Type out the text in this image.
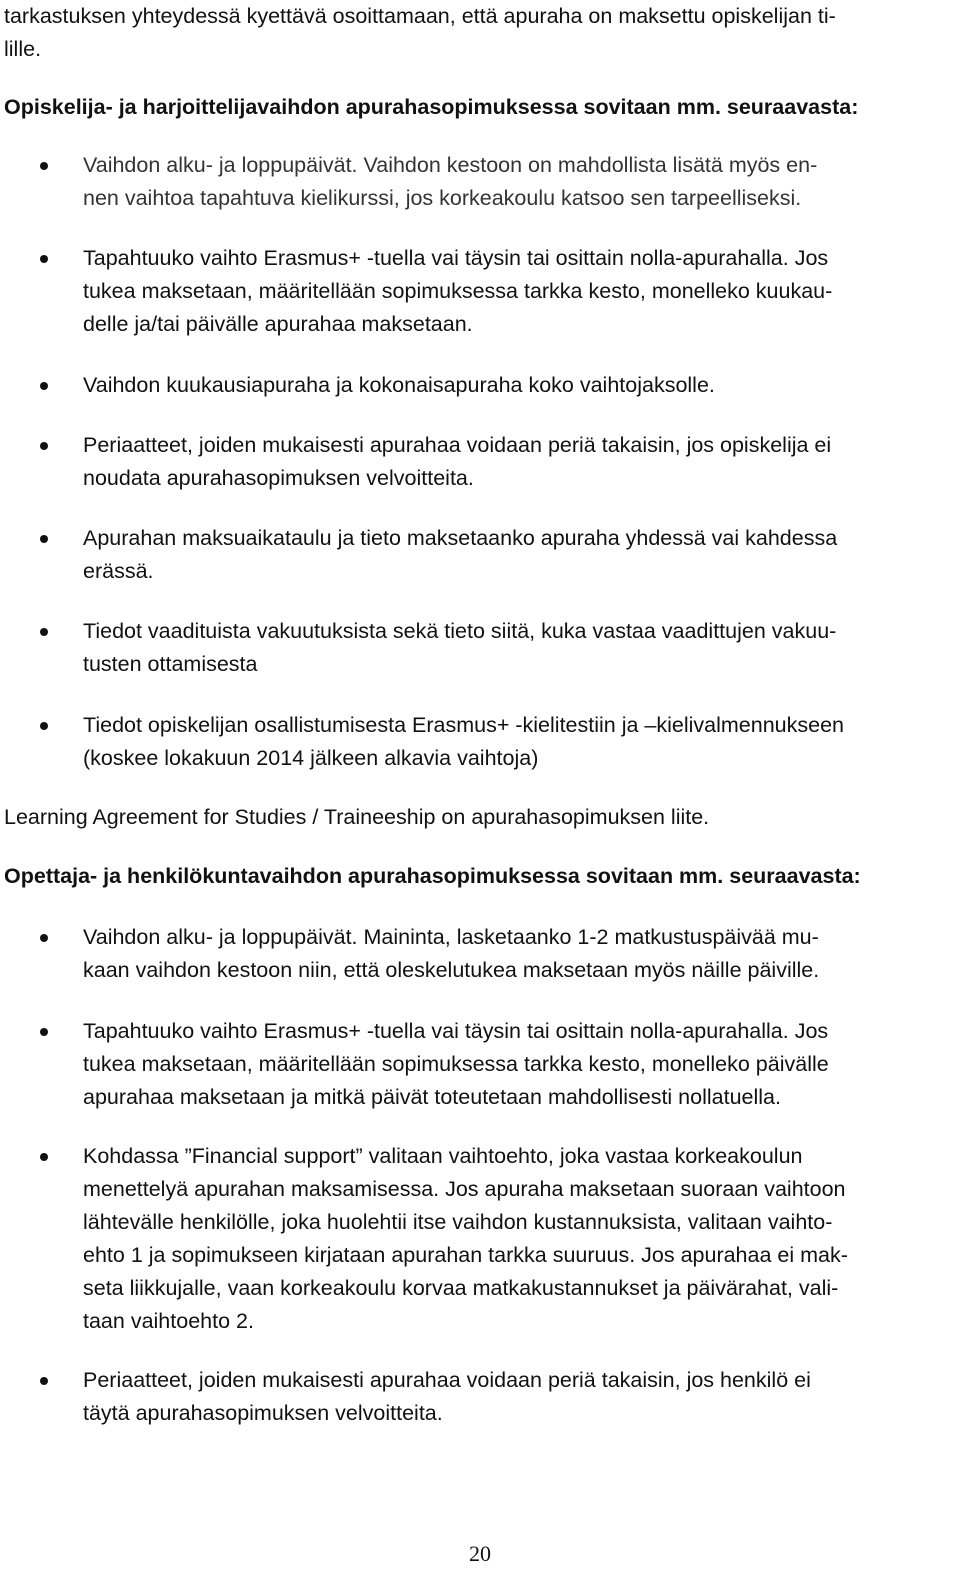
tarkastuksen yhteydessä kyettävä osoittamaan, että apuraha on maksettu opiskelijan ti-
lille.

Opiskelija- ja harjoittelijavaihdon apurahasopimuksessa sovitaan mm. seuraavasta:

Vaihdon alku- ja loppupäivät. Vaihdon kestoon on mahdollista lisätä myös en-
nen vaihtoa tapahtuva kielikurssi, jos korkeakoulu katsoo sen tarpeelliseksi.

Tapahtuuko vaihto Erasmus+ -tuella vai täysin tai osittain nolla-apurahalla. Jos
tukea maksetaan, määritellään sopimuksessa tarkka kesto, monelleko kuukau-
delle ja/tai päivälle apurahaa maksetaan.

Vaihdon kuukausiapuraha ja kokonaisapuraha koko vaihtojaksolle.

Periaatteet, joiden mukaisesti apurahaa voidaan periä takaisin, jos opiskelija ei
noudata apurahasopimuksen velvoitteita.

Apurahan maksuaikataulu ja tieto maksetaanko apuraha yhdessä vai kahdessa
erässä.

Tiedot vaadituista vakuutuksista sekä tieto siitä, kuka vastaa vaadittujen vakuu-
tusten ottamisesta

Tiedot opiskelijan osallistumisesta Erasmus+ -kielitestiin ja –kielivalmennukseen
(koskee lokakuun 2014 jälkeen alkavia vaihtoja)

Learning Agreement for Studies / Traineeship on apurahasopimuksen liite.

Opettaja- ja henkilökuntavaihdon apurahasopimuksessa sovitaan mm. seuraavasta:

Vaihdon alku- ja loppupäivät. Maininta, lasketaanko 1-2 matkustuspäivää mu-
kaan vaihdon kestoon niin, että oleskelutukea maksetaan myös näille päiville.

Tapahtuuko vaihto Erasmus+ -tuella vai täysin tai osittain nolla-apurahalla. Jos
tukea maksetaan, määritellään sopimuksessa tarkka kesto, monelleko päivälle
apurahaa maksetaan ja mitkä päivät toteutetaan mahdollisesti nollatuella.

Kohdassa ”Financial support” valitaan vaihtoehto, joka vastaa korkeakoulun
menettelyä apurahan maksamisessa. Jos apuraha maksetaan suoraan vaihtoon
lähtevälle henkilölle, joka huolehtii itse vaihdon kustannuksista, valitaan vaihto-
ehto 1 ja sopimukseen kirjataan apurahan tarkka suuruus. Jos apurahaa ei mak-
seta liikkujalle, vaan korkeakoulu korvaa matkakustannukset ja päivärahat, vali-
taan vaihtoehto 2.

Periaatteet, joiden mukaisesti apurahaa voidaan periä takaisin, jos henkilö ei
täytä apurahasopimuksen velvoitteita.

20
